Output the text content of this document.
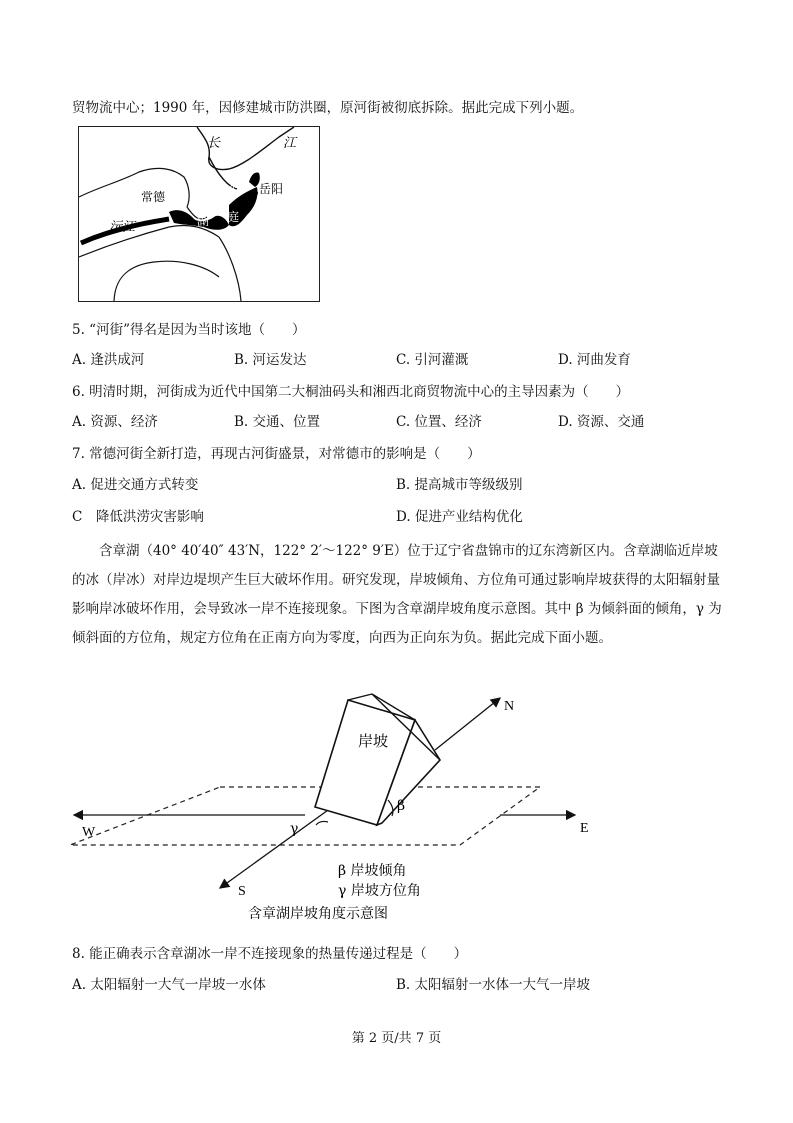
贸物流中心；1990 年，因修建城市防洪圈，原河街被彻底拆除。据此完成下列小题。
长	江
岳阳
常德
沅江
洞
庭
湖
5. “河街”得名是因为当时该地（　　）
A. 逢洪成河	B. 河运发达	C. 引河灌溉	D. 河曲发育
6. 明清时期，河街成为近代中国第二大桐油码头和湘西北商贸物流中心的主导因素为（　　）
A. 资源、经济	B. 交通、位置	C. 位置、经济	D. 资源、交通
7. 常德河街全新打造，再现古河街盛景，对常德市的影响是（　　）
A. 促进交通方式转变	B. 提高城市等级级别
C　降低洪涝灾害影响	D. 促进产业结构优化
含章湖（40° 40′40″ 43′N，122° 2′～122° 9′E）位于辽宁省盘锦市的辽东湾新区内。含章湖临近岸坡的冰（岸冰）对岸边堤坝产生巨大破坏作用。研究发现，岸坡倾角、方位角可通过影响岸坡获得的太阳辐射量影响岸冰破坏作用，会导致冰一岸不连接现象。下图为含章湖岸坡角度示意图。其中 β 为倾斜面的倾角，γ 为倾斜面的方位角，规定方位角在正南方向为零度，向西为正向东为负。据此完成下面小题。
岸坡
N
S
E
W
β
γ
β 岸坡倾角
γ 岸坡方位角
含章湖岸坡角度示意图
8. 能正确表示含章湖冰一岸不连接现象的热量传递过程是（　　）
A. 太阳辐射一大气一岸坡一水体	B. 太阳辐射一水体一大气一岸坡
第 2 页/共 7 页
